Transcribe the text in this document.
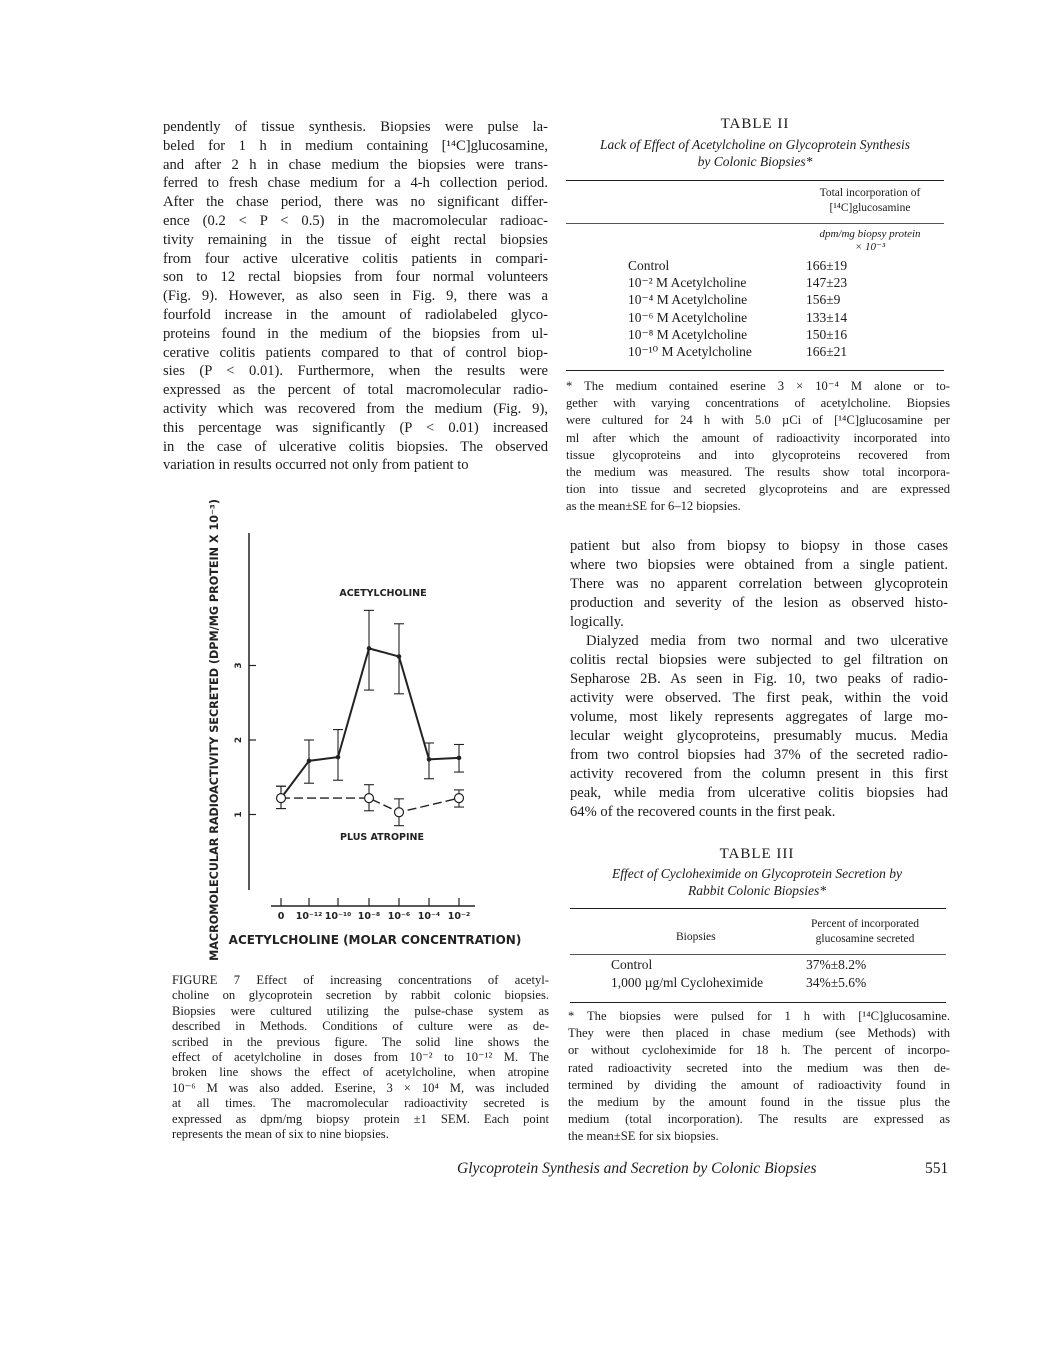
pendently of tissue synthesis. Biopsies were pulse la-
beled for 1 h in medium containing [¹⁴C]glucosamine,
and after 2 h in chase medium the biopsies were trans-
ferred to fresh chase medium for a 4-h collection period.
After the chase period, there was no significant differ-
ence (0.2 < P < 0.5) in the macromolecular radioac-
tivity remaining in the tissue of eight rectal biopsies
from four active ulcerative colitis patients in compari-
son to 12 rectal biopsies from four normal volunteers
(Fig. 9). However, as also seen in Fig. 9, there was a
fourfold increase in the amount of radiolabeled glyco-
proteins found in the medium of the biopsies from ul-
cerative colitis patients compared to that of control biop-
sies (P < 0.01). Furthermore, when the results were
expressed as the percent of total macromolecular radio-
activity which was recovered from the medium (Fig. 9),
this percentage was significantly (P < 0.01) increased
in the case of ulcerative colitis biopsies. The observed
variation in results occurred not only from patient to
1
2
3
0 10⁻¹² 10⁻¹⁰ 10⁻⁸ 10⁻⁶ 10⁻⁴ 10⁻²
ACETYLCHOLINE (MOLAR CONCENTRATION)
MACROMOLECULAR RADIOACTIVITY SECRETED (DPM/MG PROTEIN X 10⁻³)	ACETYLCHOLINE
PLUS ATROPINE
FIGURE 7 Effect of increasing concentrations of acetyl-
choline on glycoprotein secretion by rabbit colonic biopsies.
Biopsies were cultured utilizing the pulse-chase system as
described in Methods. Conditions of culture were as de-
scribed in the previous figure. The solid line shows the
effect of acetylcholine in doses from 10⁻² to 10⁻¹² M. The
broken line shows the effect of acetylcholine, when atropine
10⁻⁶ M was also added. Eserine, 3 × 10⁴ M, was included
at all times. The macromolecular radioactivity secreted is
expressed as dpm/mg biopsy protein ±1 SEM. Each point
represents the mean of six to nine biopsies.
TABLE II
Lack of Effect of Acetylcholine on Glycoprotein Synthesis
by Colonic Biopsies*
Total incorporation of
[¹⁴C]glucosamine
dpm/mg biopsy protein
× 10⁻³
Control	166±19
10⁻² M Acetylcholine	147±23
10⁻⁴ M Acetylcholine	156±9
10⁻⁶ M Acetylcholine	133±14
10⁻⁸ M Acetylcholine	150±16
10⁻¹⁰ M Acetylcholine	166±21
* The medium contained eserine 3 × 10⁻⁴ M alone or to-
gether with varying concentrations of acetylcholine. Biopsies
were cultured for 24 h with 5.0 µCi of [¹⁴C]glucosamine per
ml after which the amount of radioactivity incorporated into
tissue glycoproteins and into glycoproteins recovered from
the medium was measured. The results show total incorpora-
tion into tissue and secreted glycoproteins and are expressed
as the mean±SE for 6–12 biopsies.
patient but also from biopsy to biopsy in those cases
where two biopsies were obtained from a single patient.
There was no apparent correlation between glycoprotein
production and severity of the lesion as observed histo-
logically.
Dialyzed media from two normal and two ulcerative
colitis rectal biopsies were subjected to gel filtration on
Sepharose 2B. As seen in Fig. 10, two peaks of radio-
activity were observed. The first peak, within the void
volume, most likely represents aggregates of large mo-
lecular weight glycoproteins, presumably mucus. Media
from two control biopsies had 37% of the secreted radio-
activity recovered from the column present in this first
peak, while media from ulcerative colitis biopsies had
64% of the recovered counts in the first peak.
TABLE III
Effect of Cycloheximide on Glycoprotein Secretion by
Rabbit Colonic Biopsies*
Biopsies
Percent of incorporated
glucosamine secreted
Control	37%±8.2%
1,000 µg/ml Cycloheximide	34%±5.6%
* The biopsies were pulsed for 1 h with [¹⁴C]glucosamine.
They were then placed in chase medium (see Methods) with
or without cycloheximide for 18 h. The percent of incorpo-
rated radioactivity secreted into the medium was then de-
termined by dividing the amount of radioactivity found in
the medium by the amount found in the tissue plus the
medium (total incorporation). The results are expressed as
the mean±SE for six biopsies.
Glycoprotein Synthesis and Secretion by Colonic Biopsies	551
